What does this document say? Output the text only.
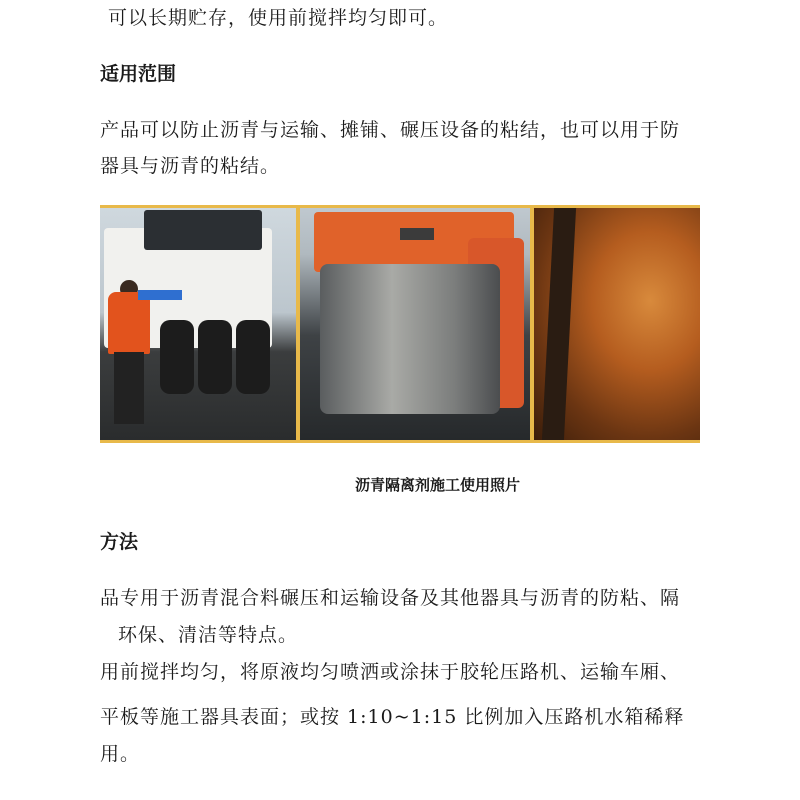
可以长期贮存，使用前搅拌均匀即可。
适用范围
产品可以防止沥青与运输、摊铺、碾压设备的粘结，也可以用于防
器具与沥青的粘结。
沥青隔离剂施工使用照片
方法
品专用于沥青混合料碾压和运输设备及其他器具与沥青的防粘、隔
环保、清洁等特点。
用前搅拌均匀，将原液均匀喷洒或涂抹于胶轮压路机、运输车厢、
平板等施工器具表面；或按 1:10~1:15 比例加入压路机水箱稀释
用。
